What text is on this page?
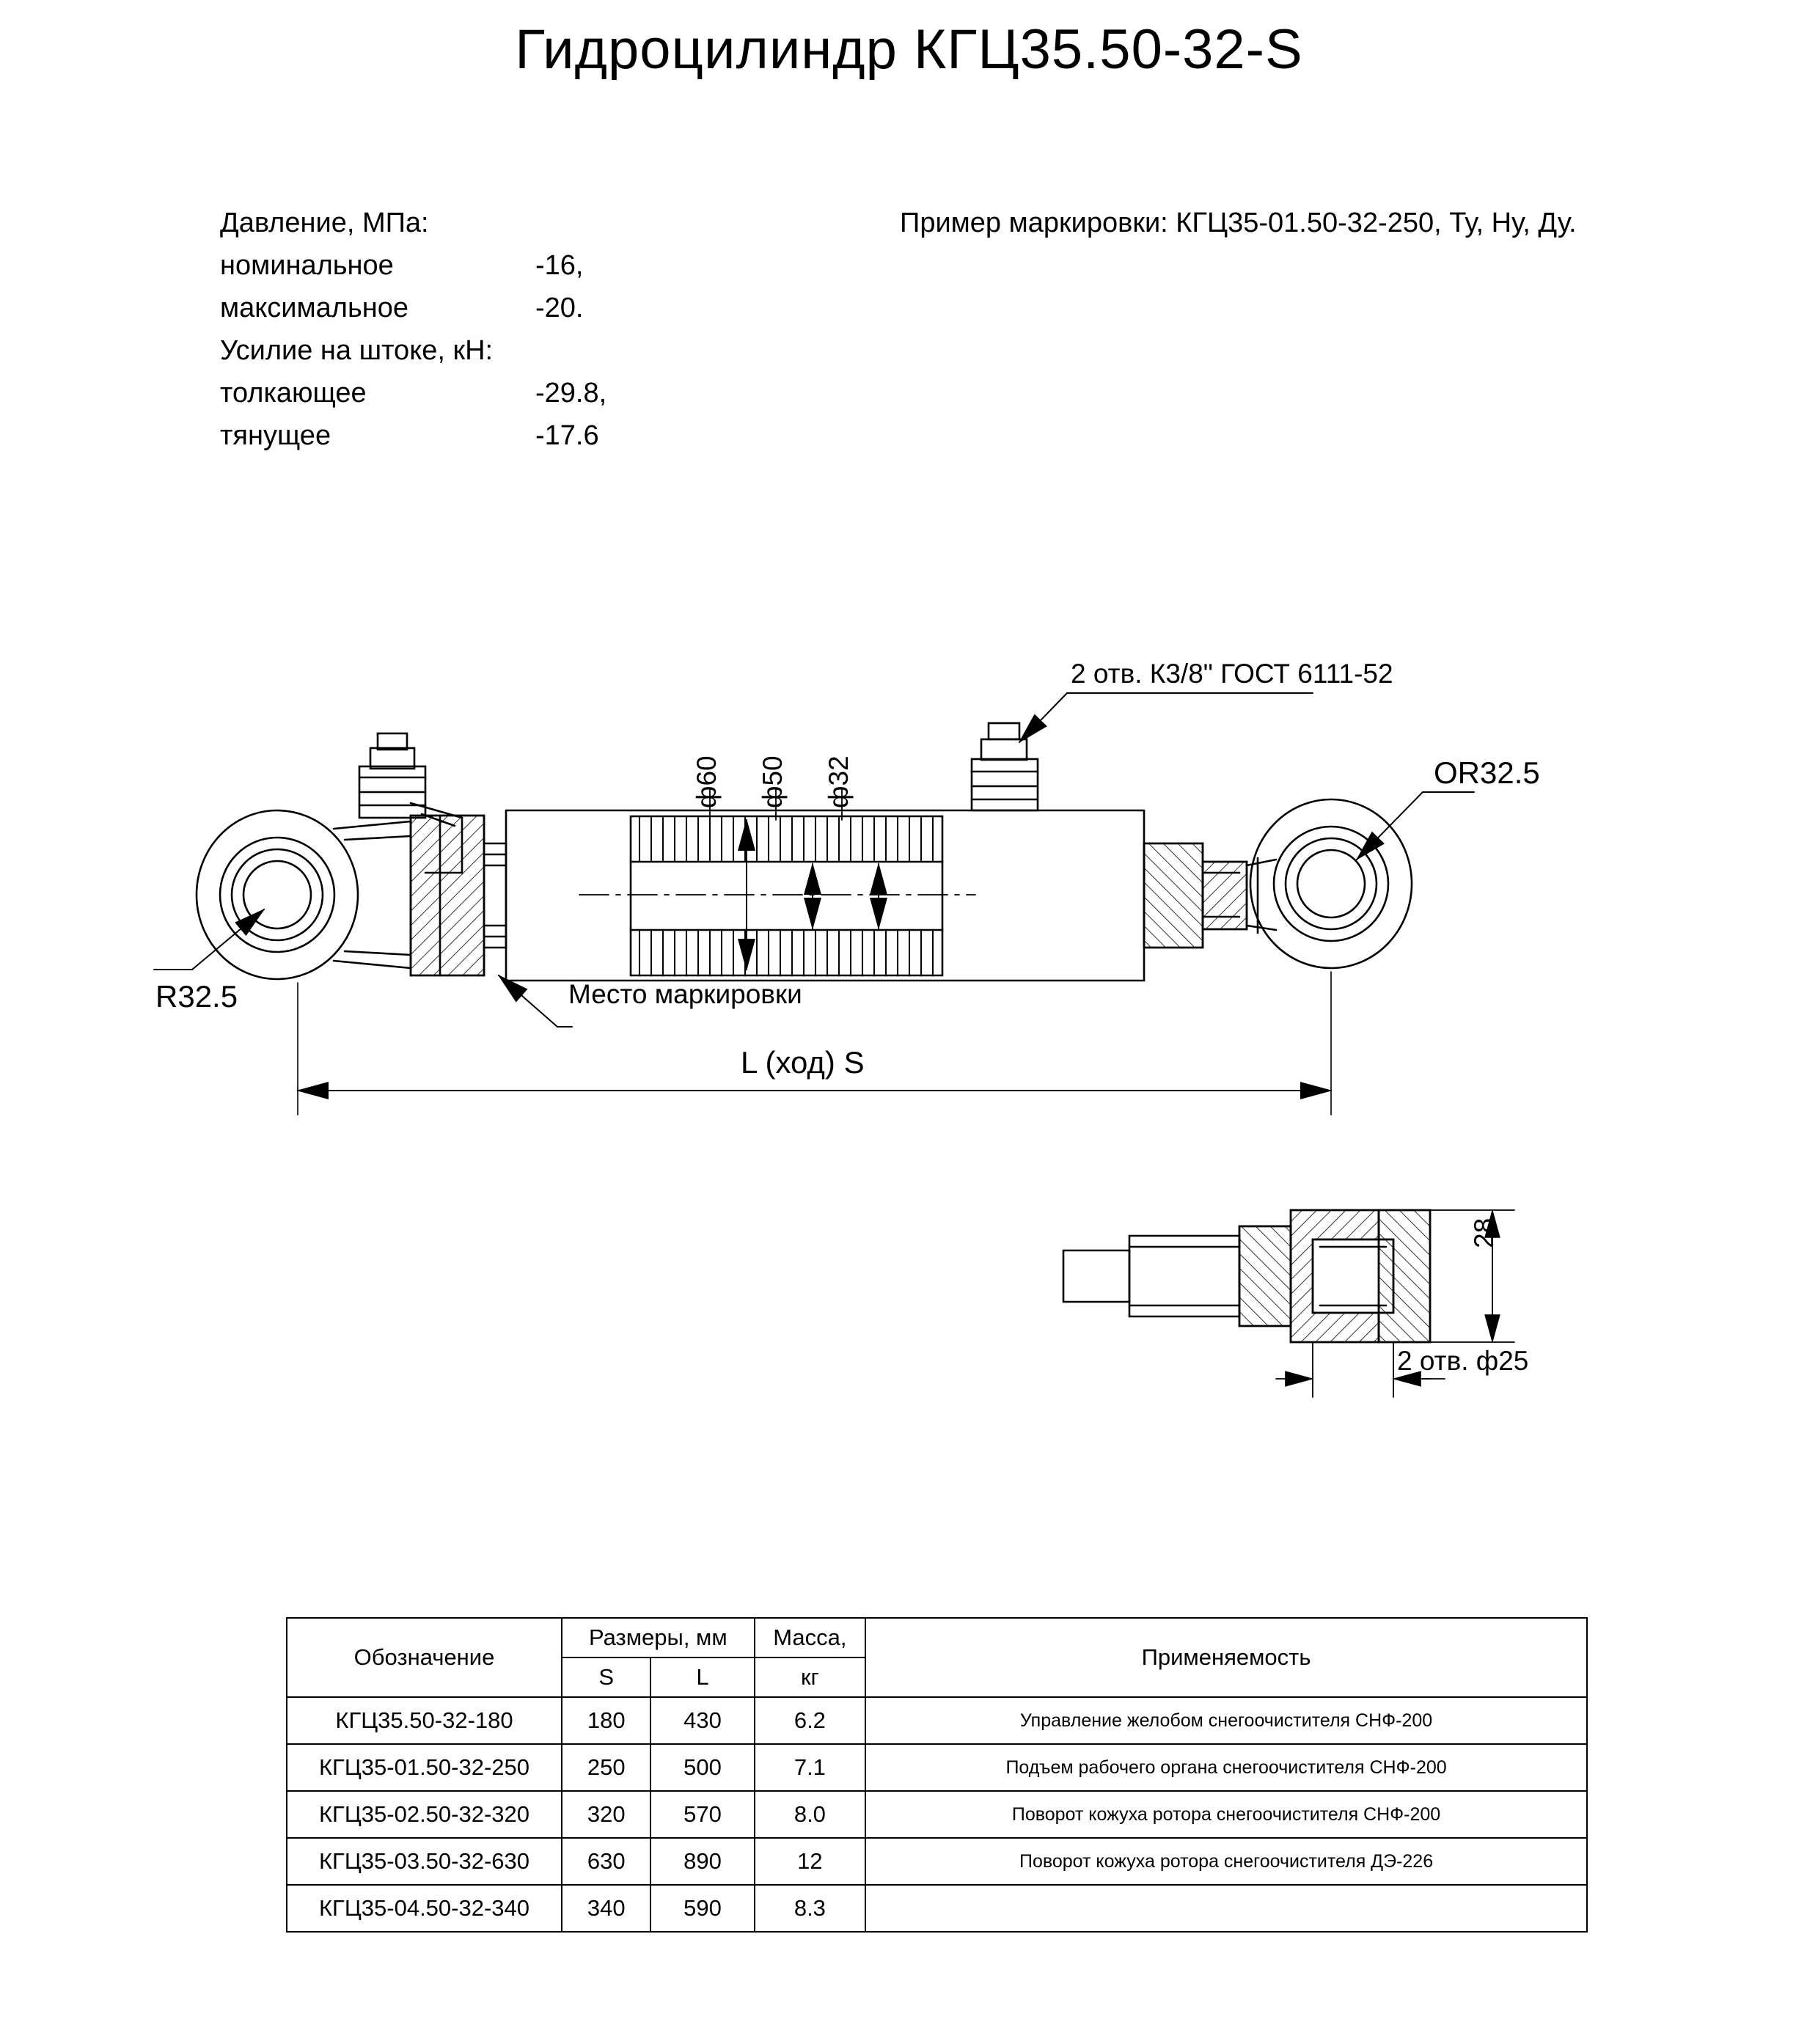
Гидроцилиндр КГЦ35.50-32-S
Давление, МПа:
номинальное	-16,
максимальное	-20.
Усилие на штоке, кН:
толкающее	-29.8,
тянущее	-17.6
Пример маркировки: КГЦ35-01.50-32-250, Ту, Ну, Ду.
2 отв. К3/8" ГОСТ 6111-52
ф60 ф50 ф32	OR32.5
R32.5	Место маркировки
L (ход) S
28
2 отв. ф25
Обозначение	Размеры, мм		Масса,	Применяемость
	S	L	кг	
КГЦ35.50-32-180	180	430	6.2	Управление желобом снегоочистителя СНФ-200
КГЦ35-01.50-32-250	250	500	7.1	Подъем рабочего органа снегоочистителя СНФ-200
КГЦ35-02.50-32-320	320	570	8.0	Поворот кожуха ротора снегоочистителя СНФ-200
КГЦ35-03.50-32-630	630	890	12	Поворот кожуха ротора снегоочистителя ДЭ-226
КГЦ35-04.50-32-340	340	590	8.3	
